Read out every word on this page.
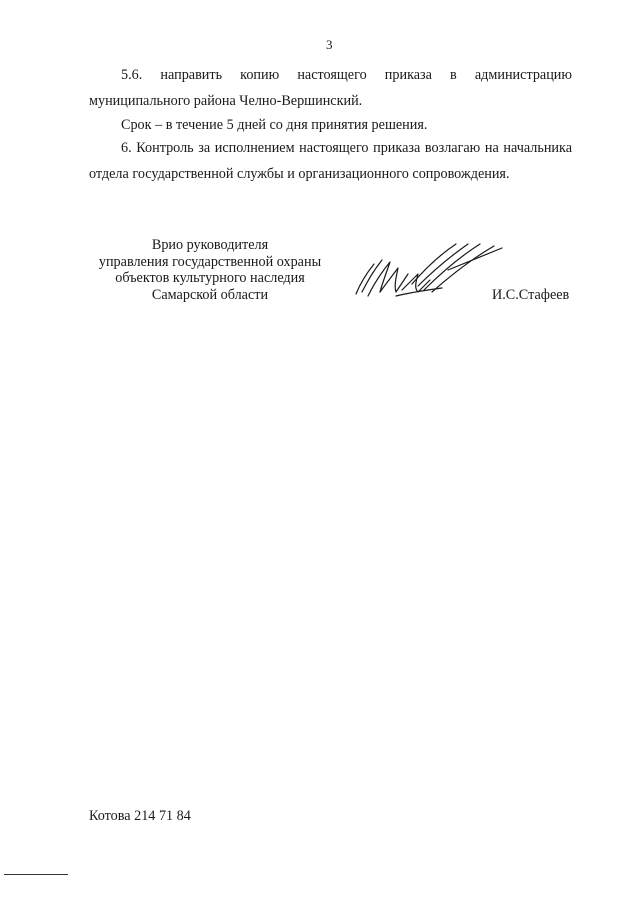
3
5.6. направить копию настоящего приказа в администрацию муниципального района Челно-Вершинский.
Срок – в течение 5 дней со дня принятия решения.
6. Контроль за исполнением настоящего приказа возлагаю на начальника отдела государственной службы и организационного сопровождения.
Врио руководителя
управления государственной охраны
объектов культурного наследия
Самарской области	И.С.Стафеев
Котова 214 71 84
